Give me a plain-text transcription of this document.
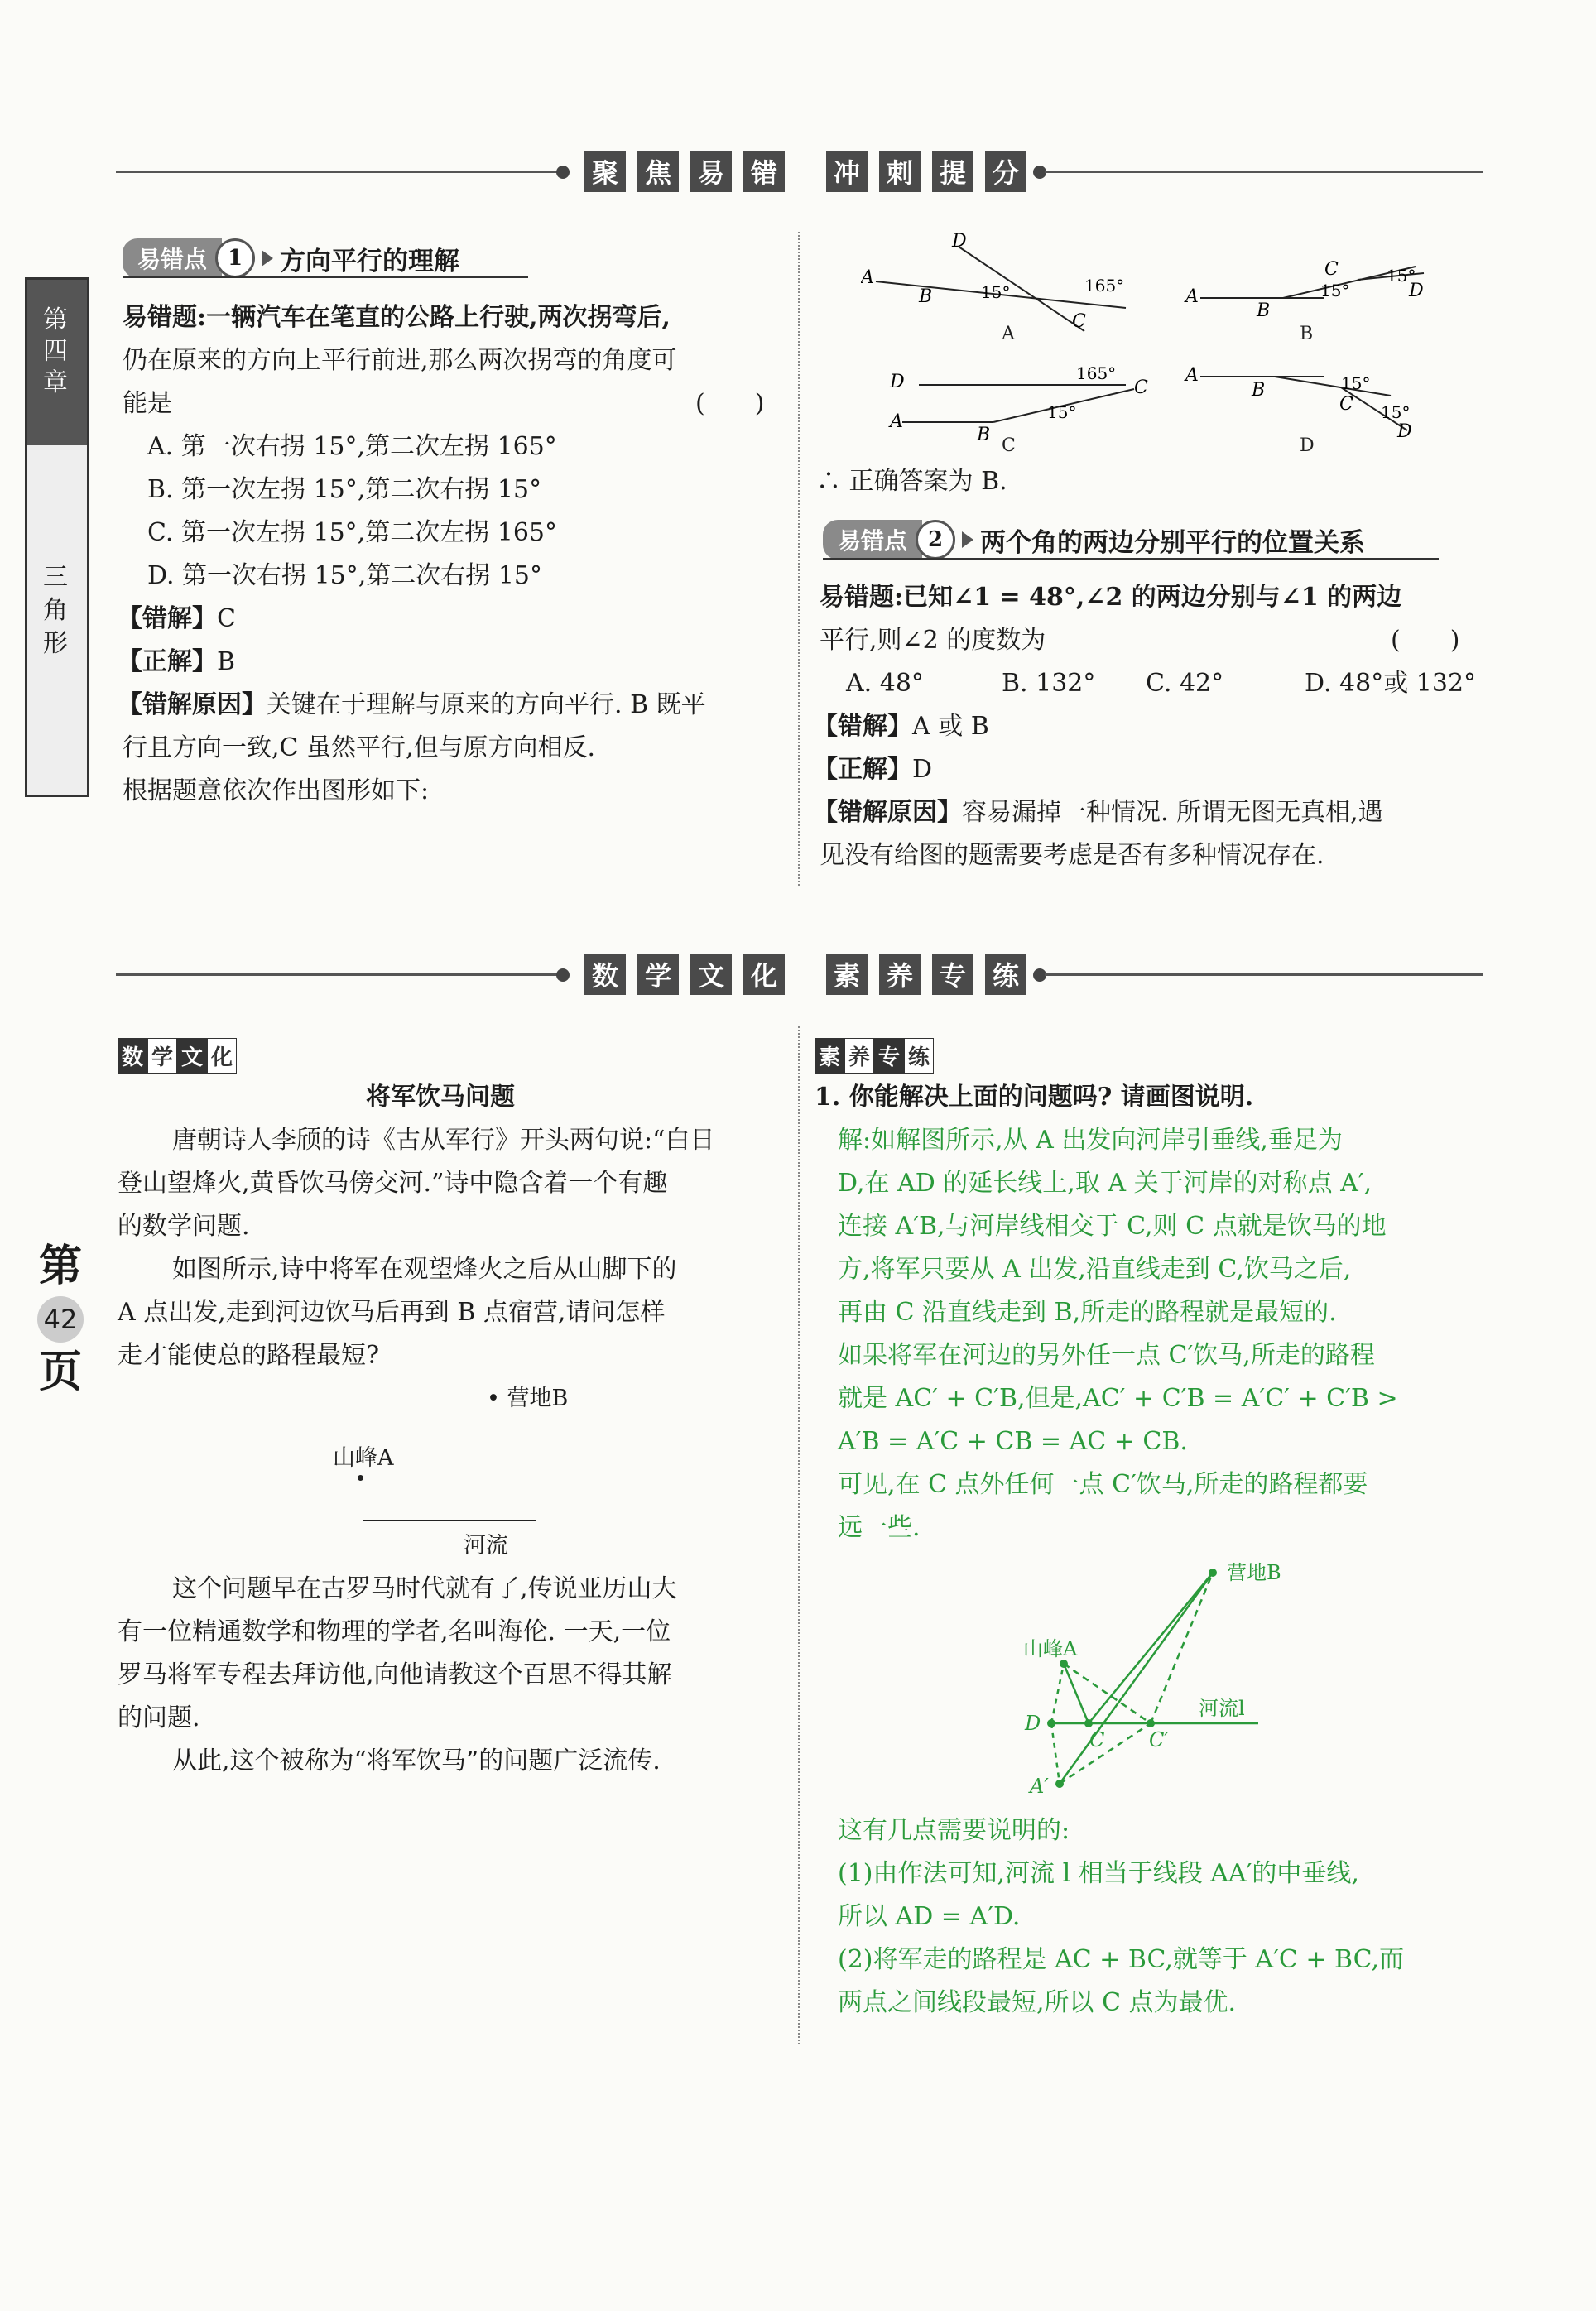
聚 焦 易 错 冲 刺 提 分
第
四
章
三
角
形
第
42
页
易错点 1	方向平行的理解
易错题:一辆汽车在笔直的公路上行驶,两次拐弯后,
仍在原来的方向上平行前进,那么两次拐弯的角度可
能是	(　　)
A. 第一次右拐 15°,第二次左拐 165°
B. 第一次左拐 15°,第二次右拐 15°
C. 第一次左拐 15°,第二次左拐 165°
D. 第一次右拐 15°,第二次右拐 15°
【错解】C
【正解】B
【错解原因】关键在于理解与原来的方向平行. B 既平
行且方向一致,C 虽然平行,但与原方向相反.
根据题意依次作出图形如下:
A	B
C	D
A
B
D
C
15°	165°
A
B
C
D
15°
15°
D
A
B
C
165°
15°
A
B
C
D
15°
15°
∴ 正确答案为 B.
易错点 2	两个角的两边分别平行的位置关系
易错题:已知∠1 = 48°,∠2 的两边分别与∠1 的两边
平行,则∠2 的度数为	(　　)
A. 48°	B. 132° C. 42°	D. 48°或 132°
【错解】A 或 B
【正解】D
【错解原因】容易漏掉一种情况. 所谓无图无真相,遇
见没有给图的题需要考虑是否有多种情况存在.
数 学 文 化 素 养 专 练
数 学 文 化
将军饮马问题
唐朝诗人李颀的诗《古从军行》开头两句说:“白日
登山望烽火,黄昏饮马傍交河.”诗中隐含着一个有趣
的数学问题.
如图所示,诗中将军在观望烽火之后从山脚下的
A 点出发,走到河边饮马后再到 B 点宿营,请问怎样
走才能使总的路程最短?
• 营地B
山峰A
河流
这个问题早在古罗马时代就有了,传说亚历山大
有一位精通数学和物理的学者,名叫海伦. 一天,一位
罗马将军专程去拜访他,向他请教这个百思不得其解
的问题.
从此,这个被称为“将军饮马”的问题广泛流传.
素 养 专 练
1. 你能解决上面的问题吗? 请画图说明.
解:如解图所示,从 A 出发向河岸引垂线,垂足为
D,在 AD 的延长线上,取 A 关于河岸的对称点 A′,
连接 A′B,与河岸线相交于 C,则 C 点就是饮马的地
方,将军只要从 A 出发,沿直线走到 C,饮马之后,
再由 C 沿直线走到 B,所走的路程就是最短的.
如果将军在河边的另外任一点 C′饮马,所走的路程
就是 AC′ + C′B,但是,AC′ + C′B = A′C′ + C′B >
A′B = A′C + CB = AC + CB.
可见,在 C 点外任何一点 C′饮马,所走的路程都要
远一些.
营地B
山峰A
河流l
D
C C′
A′
这有几点需要说明的:
(1)由作法可知,河流 l 相当于线段 AA′的中垂线,
所以 AD = A′D.
(2)将军走的路程是 AC + BC,就等于 A′C + BC,而
两点之间线段最短,所以 C 点为最优.
